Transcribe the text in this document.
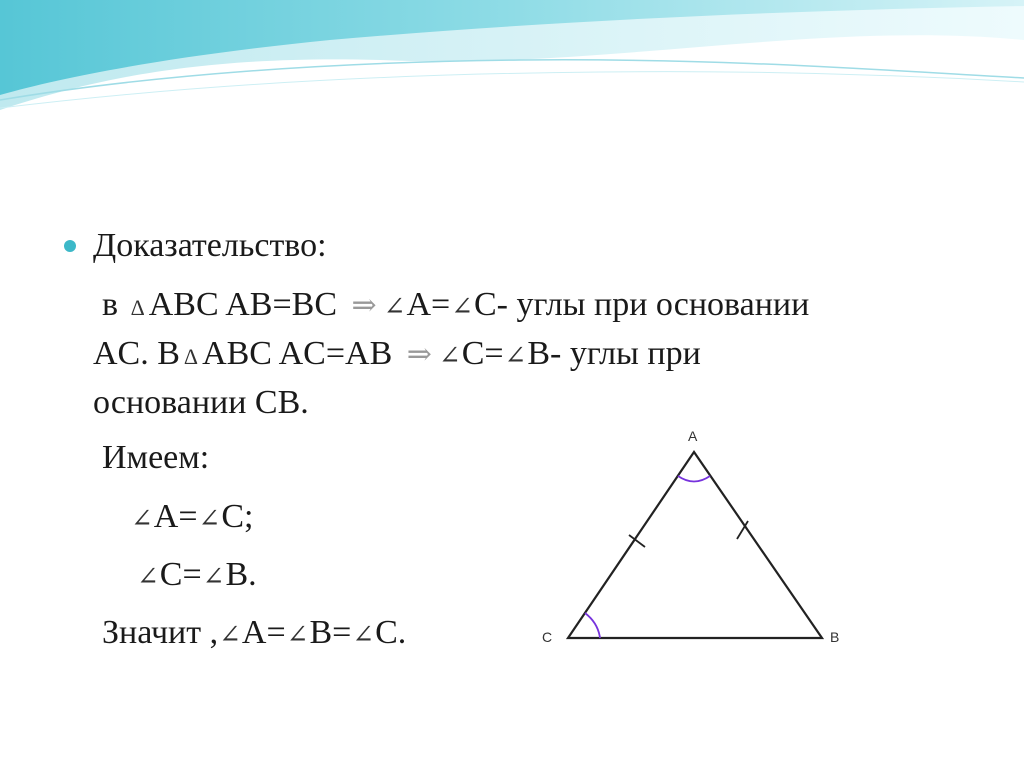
Доказательство:
в Δ ABC AB=BC ⇒ ∠A=∠C- углы при основании
AC. В Δ ABC AC=AB ⇒ ∠C=∠B- углы при
основании CB.
Имеем:
∠A=∠C;
∠C=∠B.
Значит ,∠A=∠B=∠C.
A
C	B
